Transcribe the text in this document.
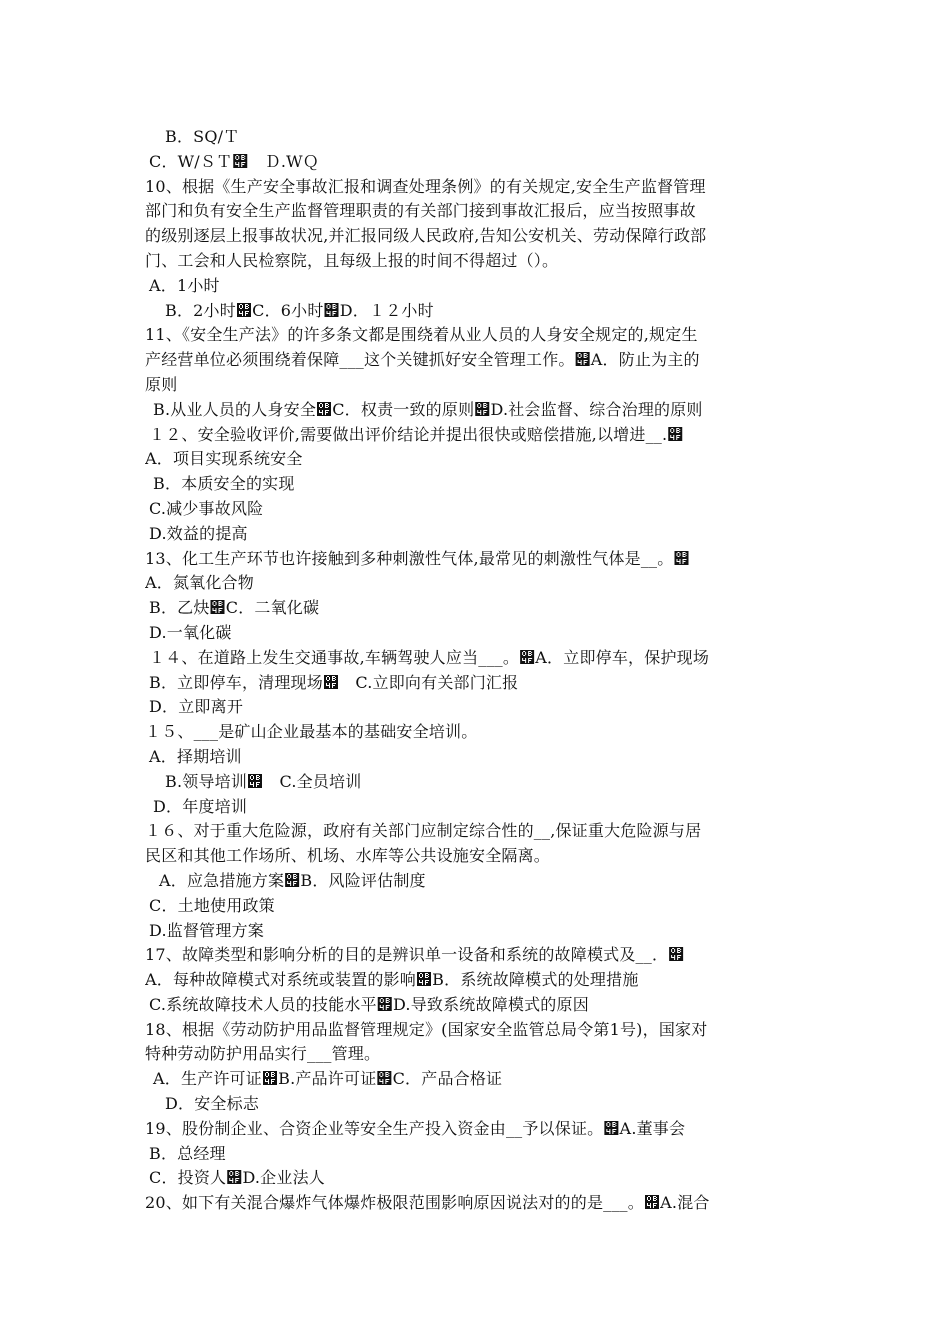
B．SQ/Ｔ
C．W/ＳＴ୏　Ｄ.WＱ
10、根据《生产安全事故汇报和调查处理条例》的有关规定,安全生产监督管理
部门和负有安全生产监督管理职责的有关部门接到事故汇报后，应当按照事故
的级别逐层上报事故状况,并汇报同级人民政府,告知公安机关、劳动保障行政部
门、工会和人民检察院，且每级上报的时间不得超过（）。
A．1小时
B．2小时୏C．6小时୏D．１２小时
11、《安全生产法》的许多条文都是围绕着从业人员的人身安全规定的,规定生
产经营单位必须围绕着保障___这个关键抓好安全管理工作。୏A．防止为主的
原则
B.从业人员的人身安全୏C．权责一致的原则୏D.社会监督、综合治理的原则
１２、安全验收评价,需要做出评价结论并提出很快或赔偿措施,以增进__.୏
A．项目实现系统安全
B．本质安全的实现
C.减少事故风险
D.效益的提高
13、化工生产环节也许接触到多种刺激性气体,最常见的刺激性气体是__。୏
A．氮氧化合物
B．乙炔୏C．二氧化碳
D.一氧化碳
１４、在道路上发生交通事故,车辆驾驶人应当___。୏A．立即停车，保护现场
B．立即停车，清理现场୏　C.立即向有关部门汇报
D．立即离开
１５、___是矿山企业最基本的基础安全培训。
A．择期培训
B.领导培训୏　C.全员培训
D．年度培训
１６、对于重大危险源，政府有关部门应制定综合性的__,保证重大危险源与居
民区和其他工作场所、机场、水库等公共设施安全隔离。
A．应急措施方案୏B．风险评估制度
C．土地使用政策
D.监督管理方案
17、故障类型和影响分析的目的是辨识单一设备和系统的故障模式及__．୏
A．每种故障模式对系统或装置的影响୏B．系统故障模式的处理措施
C.系统故障技术人员的技能水平୏D.导致系统故障模式的原因
18、根据《劳动防护用品监督管理规定》(国家安全监管总局令第1号)，国家对
特种劳动防护用品实行___管理。
A．生产许可证୏B.产品许可证୏C．产品合格证
D．安全标志
19、股份制企业、合资企业等安全生产投入资金由__予以保证。୏A.董事会
B．总经理
C．投资人୏D.企业法人
20、如下有关混合爆炸气体爆炸极限范围影响原因说法对的的是___。୏A.混合
